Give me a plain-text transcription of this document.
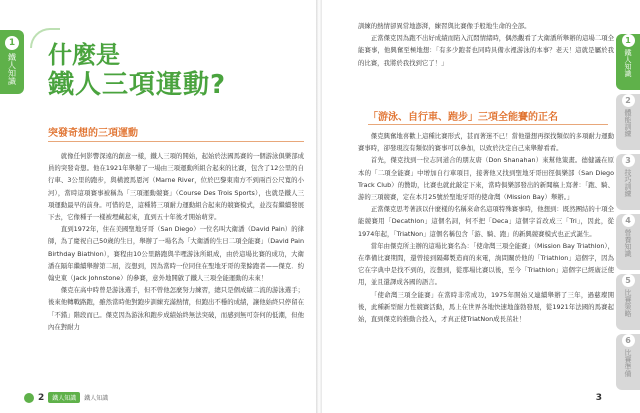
1
鐵人知識	什麼是
鐵人三項運動?
突發奇想的三項運動

就像任何影響深遠的創意一樣，鐵人三項的開始，起始於法國馬賽的一個游泳俱樂部成員的突發奇想。他在1921年舉辦了一場由三項運動所組合起來的比賽，包含了12公里的自行車、3公里的跑步，與橫渡馬恩河（Marne River，位於巴黎東南方不到兩百公尺寬的小河），當時這項賽事被稱為「三項運動競賽」（Course Des Trois Sports），也就是鐵人三項運動最早的前身。可惜的是，這種將三項耐力運動組合起來的競賽模式，並沒有繼續發展下去，它像種子一樣被埋藏起來，直到五十年後才開始萌芽。

直到1972年，住在美國聖地牙哥（San Diego）一位名叫大衛潘（David Pain）的律師，為了慶祝自己50歲的生日，舉辦了一場名為「大衛潘的生日二項全能賽」（David Pain Birthday Biathlon），賽程由10公里路跑與半哩游泳所組成，由於這場比賽的成功，大衛潘在隔年繼續舉辦第二屆，沒想到，因為當時一位同住在聖地牙哥的業餘跑者——傑克．約翰史東（Jack Johnstone）的參賽，意外地開啟了鐵人三項全能運動的未來！

傑克在高中時曾是游泳選手，但不曾他怎麼努力練習，總只是個成績二流的游泳選手；後來他轉戰路跑，雖然當時他對跑步訓練充滿熱情，但跑出不穩的成績，讓他始終只停留在「不錯」階段而已。傑克因為游泳和跑步成績始終無法突破，而感到無可奈何的低潮，但他內在對耐力

2	鐵人知識	鐵人知識

訓練的熱情卻異常地澎湃，練習與比賽像手般地生命的全部。

正當傑克因為跑不出好成績而陷入沉悶情緒時，偶然觀看了大衛潘所舉辦的這場二項全能賽事，他興奮至極地想：「有多少跑者也同時具備水裡游泳的本事？老天！這就是屬於我的比賽，我將於我找到它了！」

「游泳、自行車、跑步」三項全能賽的正名

傑克興奮地喜歡上這種比賽形式，甚而著迷不已！當他還想再探找類似的多項耐力運動賽事時，卻發現沒有類似的賽事可以參加，以致於決定自己來舉辦看看。

首先，傑克找到一位志同道合的朋友唐（Don Shanahan）來幫他策畫。德健議在原本的「二項全能賽」中增加自行車項目，接著他又找到聖地牙哥田徑俱樂部（San Diego Track Club）的贊助，比賽也就此敲定下來，當時俱樂部發出的新聞稿上寫著：「跑、騎、游的三項競賽，定在本月25號於聖地牙哥的使命灣（Mission Bay）舉辦。」

正當傑克思考著該以什麼樣的名稱來命名這項特殊賽事時，他想到：既然團結的十項全能競賽用「Decathlon」這個名詞，何不把「Deca」這個字首改成三「Tri」，因此，從1974年起，「TriatNon」這個名稱包含「游、騎、跑」的新興競賽模式也正式誕生。

當年由傑克所主辦的這場比賽名為：「使命灣三項全能賽」（Mission Bay Triathlon），在準備比賽期間，還曾接到隔鄰製造商的來電，詢問關於他的「Triathlon」這個字，因為它在字典中是找不到的，沒想到，從那場比賽以後，至今「Triathlon」這個字已經廣泛使用，並且還譯成各國的語言。

「使命灣三項全能賽」在當時非常成功，1975年開始又連續舉辦了三年，過慈璨開後，此種新型耐力性競賽活動，馬上在世界各地快速地蓬勃發展，從1921年法國的馬賽起始，直到傑克的推動合投入，才真正使TriatNon成長茁壯！

1
鐵人知識
2
體能訓練
3
技巧訓練
4
營養知識
5
比賽策略
6
比賽準備
3
